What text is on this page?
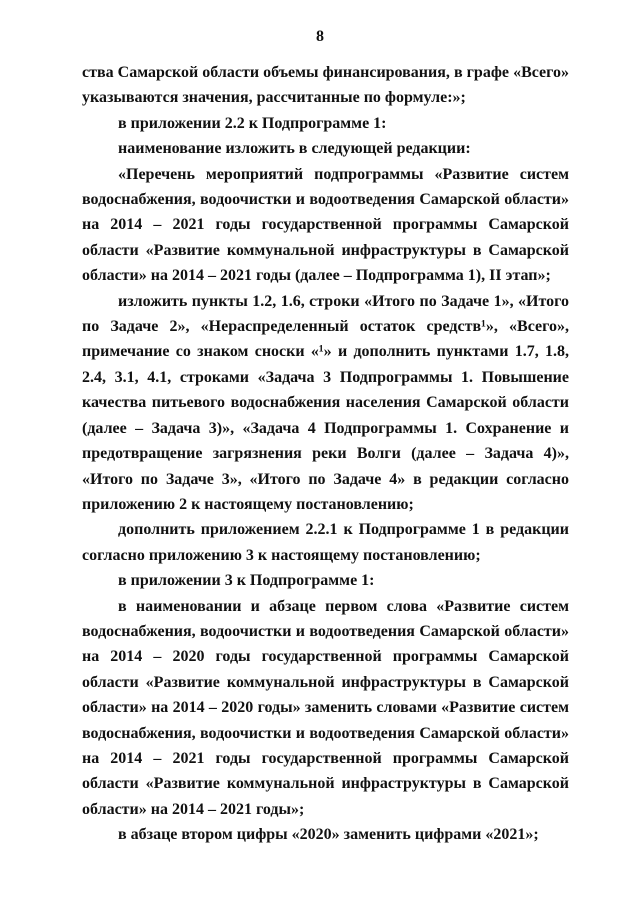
8

ства Самарской области объемы финансирования, в графе «Всего» указываются значения, рассчитанные по формуле:»;

в приложении 2.2 к Подпрограмме 1:

наименование изложить в следующей редакции:

«Перечень мероприятий подпрограммы «Развитие систем водоснабжения, водоочистки и водоотведения Самарской области» на 2014 – 2021 годы государственной программы Самарской области «Развитие коммунальной инфраструктуры в Самарской области» на 2014 – 2021 годы (далее – Подпрограмма 1), II этап»;

изложить пункты 1.2, 1.6, строки «Итого по Задаче 1», «Итого по Задаче 2», «Нераспределенный остаток средств¹», «Всего», примечание со знаком сноски «¹» и дополнить пунктами 1.7, 1.8, 2.4, 3.1, 4.1, строками «Задача 3 Подпрограммы 1. Повышение качества питьевого водоснабжения населения Самарской области (далее – Задача 3)», «Задача 4 Подпрограммы 1. Сохранение и предотвращение загрязнения реки Волги (далее – Задача 4)», «Итого по Задаче 3», «Итого по Задаче 4» в редакции согласно приложению 2 к настоящему постановлению;

дополнить приложением 2.2.1 к Подпрограмме 1 в редакции согласно приложению 3 к настоящему постановлению;

в приложении 3 к Подпрограмме 1:

в наименовании и абзаце первом слова «Развитие систем водоснабжения, водоочистки и водоотведения Самарской области» на 2014 – 2020 годы государственной программы Самарской области «Развитие коммунальной инфраструктуры в Самарской области» на 2014 – 2020 годы» заменить словами «Развитие систем водоснабжения, водоочистки и водоотведения Самарской области» на 2014 – 2021 годы государственной программы Самарской области «Развитие коммунальной инфраструктуры в Самарской области» на 2014 – 2021 годы»;

в абзаце втором цифры «2020» заменить цифрами «2021»;
